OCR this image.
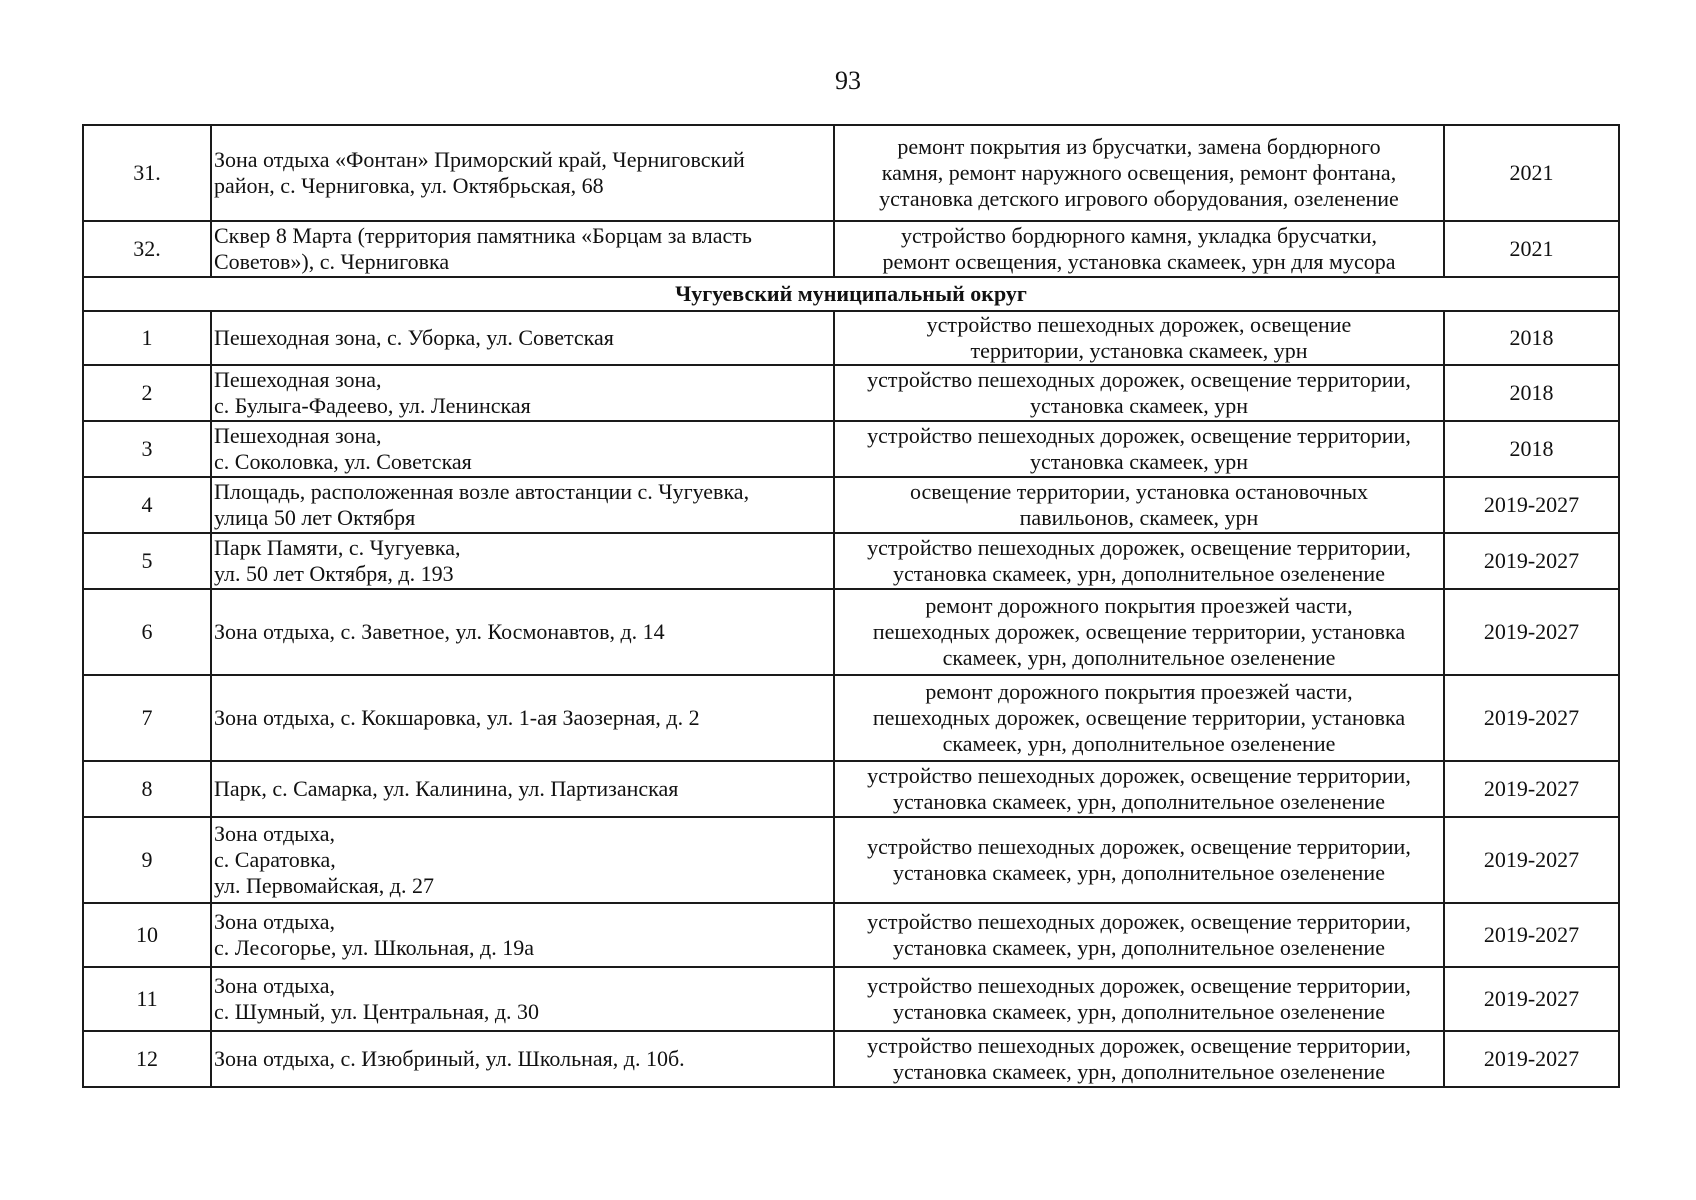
93
31.	Зона отдыха «Фонтан» Приморский край, Черниговский
район, с. Черниговка, ул. Октябрьская, 68	ремонт покрытия из брусчатки, замена бордюрного
камня, ремонт наружного освещения, ремонт фонтана,
установка детского игрового оборудования, озеленение	2021
32.	Сквер 8 Марта (территория памятника «Борцам за власть
Советов»), с. Черниговка	устройство бордюрного камня, укладка брусчатки,
ремонт освещения, установка скамеек, урн для мусора	2021
Чугуевский муниципальный округ			
1	Пешеходная зона, с. Уборка, ул. Советская	устройство пешеходных дорожек, освещение
территории, установка скамеек, урн	2018
2	Пешеходная зона,
с. Булыга-Фадеево, ул. Ленинская	устройство пешеходных дорожек, освещение территории,
установка скамеек, урн	2018
3	Пешеходная зона,
с. Соколовка, ул. Советская	устройство пешеходных дорожек, освещение территории,
установка скамеек, урн	2018
4	Площадь, расположенная возле автостанции с. Чугуевка,
улица 50 лет Октября	освещение территории, установка остановочных
павильонов, скамеек, урн	2019-2027
5	Парк Памяти, с. Чугуевка,
ул. 50 лет Октября, д. 193	устройство пешеходных дорожек, освещение территории,
установка скамеек, урн, дополнительное озеленение	2019-2027
6	Зона отдыха, с. Заветное, ул. Космонавтов, д. 14	ремонт дорожного покрытия проезжей части,
пешеходных дорожек, освещение территории, установка
скамеек, урн, дополнительное озеленение	2019-2027
7	Зона отдыха, с. Кокшаровка, ул. 1-ая Заозерная, д. 2	ремонт дорожного покрытия проезжей части,
пешеходных дорожек, освещение территории, установка
скамеек, урн, дополнительное озеленение	2019-2027
8	Парк, с. Самарка, ул. Калинина, ул. Партизанская	устройство пешеходных дорожек, освещение территории,
установка скамеек, урн, дополнительное озеленение	2019-2027
9	Зона отдыха,
с. Саратовка,
ул. Первомайская, д. 27	устройство пешеходных дорожек, освещение территории,
установка скамеек, урн, дополнительное озеленение	2019-2027
10	Зона отдыха,
с. Лесогорье, ул. Школьная, д. 19а	устройство пешеходных дорожек, освещение территории,
установка скамеек, урн, дополнительное озеленение	2019-2027
11	Зона отдыха,
с. Шумный, ул. Центральная, д. 30	устройство пешеходных дорожек, освещение территории,
установка скамеек, урн, дополнительное озеленение	2019-2027
12	Зона отдыха, с. Изюбриный, ул. Школьная, д. 10б.	устройство пешеходных дорожек, освещение территории,
установка скамеек, урн, дополнительное озеленение	2019-2027
